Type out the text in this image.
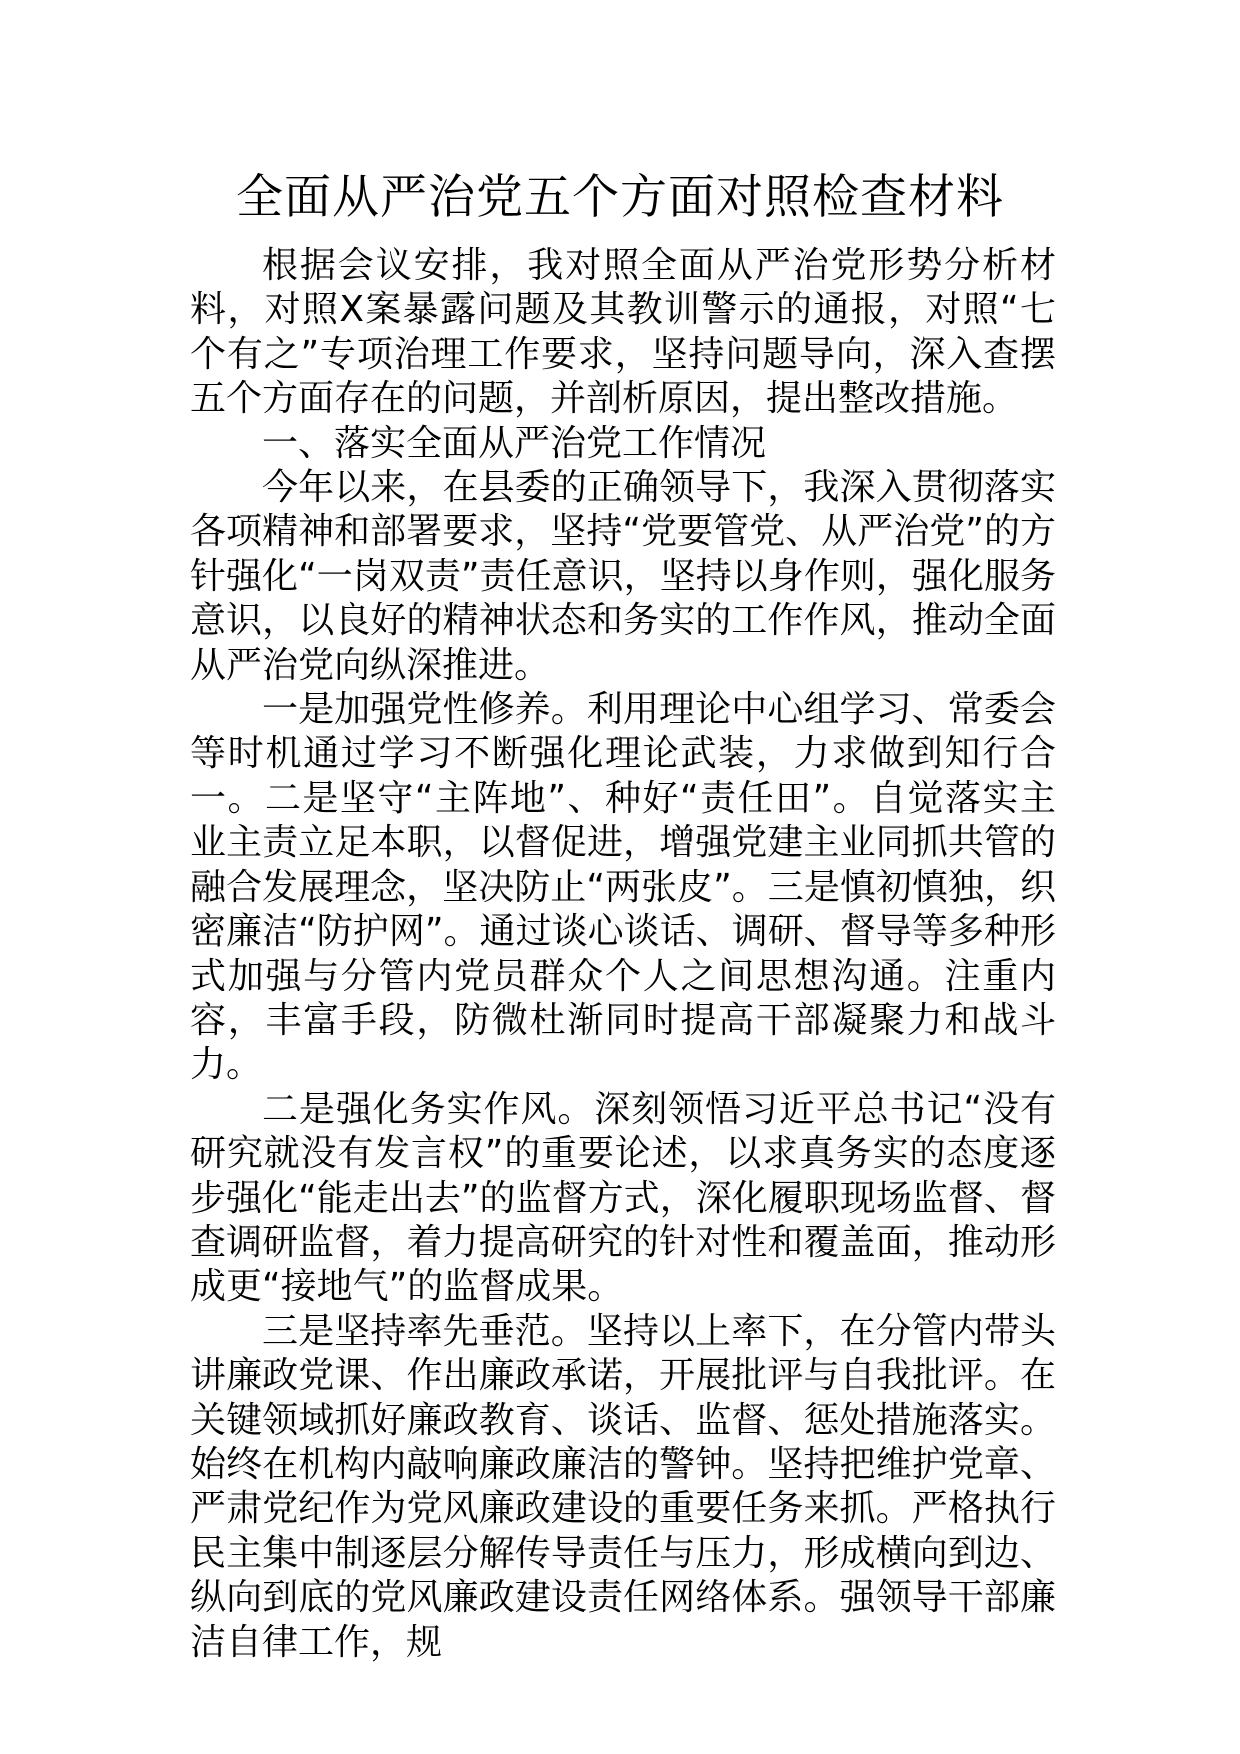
全面从严治党五个方面对照检查材料

根据会议安排，我对照全面从严治党形势分析材料，对照X案暴露问题及其教训警示的通报，对照“七个有之”专项治理工作要求，坚持问题导向，深入查摆五个方面存在的问题，并剖析原因，提出整改措施。

一、落实全面从严治党工作情况

今年以来，在县委的正确领导下，我深入贯彻落实各项精神和部署要求，坚持“党要管党、从严治党”的方针强化“一岗双责”责任意识，坚持以身作则，强化服务意识，以良好的精神状态和务实的工作作风，推动全面从严治党向纵深推进。

一是加强党性修养。利用理论中心组学习、常委会等时机通过学习不断强化理论武装，力求做到知行合一。二是坚守“主阵地”、种好“责任田”。自觉落实主业主责立足本职，以督促进，增强党建主业同抓共管的融合发展理念，坚决防止“两张皮”。三是慎初慎独，织密廉洁“防护网”。通过谈心谈话、调研、督导等多种形式加强与分管内党员群众个人之间思想沟通。注重内容，丰富手段，防微杜渐同时提高干部凝聚力和战斗力。

二是强化务实作风。深刻领悟习近平总书记“没有研究就没有发言权”的重要论述，以求真务实的态度逐步强化“能走出去”的监督方式，深化履职现场监督、督查调研监督，着力提高研究的针对性和覆盖面，推动形成更“接地气”的监督成果。

三是坚持率先垂范。坚持以上率下，在分管内带头讲廉政党课、作出廉政承诺，开展批评与自我批评。在关键领域抓好廉政教育、谈话、监督、惩处措施落实。始终在机构内敲响廉政廉洁的警钟。坚持把维护党章、严肃党纪作为党风廉政建设的重要任务来抓。严格执行民主集中制逐层分解传导责任与压力，形成横向到边、纵向到底的党风廉政建设责任网络体系。强领导干部廉洁自律工作，规
